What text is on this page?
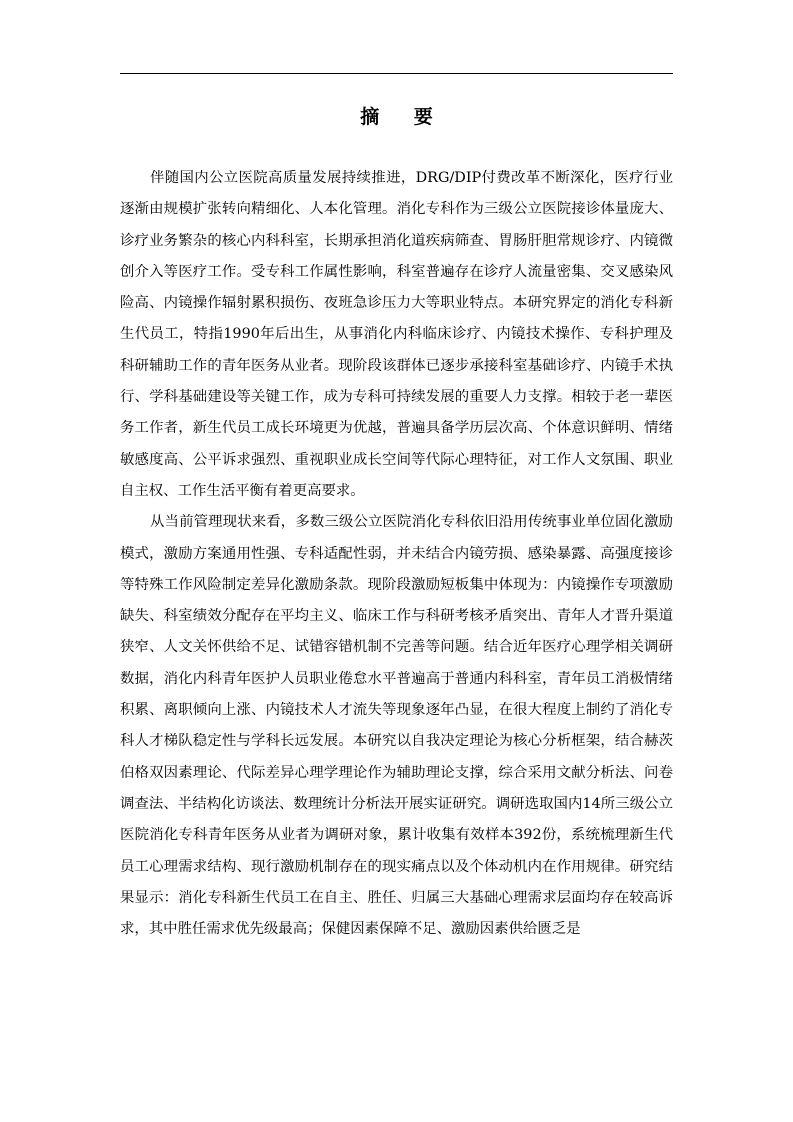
摘 要

伴随国内公立医院高质量发展持续推进，DRG/DIP付费改革不断深化，医疗行业逐渐由规模扩张转向精细化、人本化管理。消化专科作为三级公立医院接诊体量庞大、诊疗业务繁杂的核心内科科室，长期承担消化道疾病筛查、胃肠肝胆常规诊疗、内镜微创介入等医疗工作。受专科工作属性影响，科室普遍存在诊疗人流量密集、交叉感染风险高、内镜操作辐射累积损伤、夜班急诊压力大等职业特点。本研究界定的消化专科新生代员工，特指1990年后出生，从事消化内科临床诊疗、内镜技术操作、专科护理及科研辅助工作的青年医务从业者。现阶段该群体已逐步承接科室基础诊疗、内镜手术执行、学科基础建设等关键工作，成为专科可持续发展的重要人力支撑。相较于老一辈医务工作者，新生代员工成长环境更为优越，普遍具备学历层次高、个体意识鲜明、情绪敏感度高、公平诉求强烈、重视职业成长空间等代际心理特征，对工作人文氛围、职业自主权、工作生活平衡有着更高要求。

从当前管理现状来看，多数三级公立医院消化专科依旧沿用传统事业单位固化激励模式，激励方案通用性强、专科适配性弱，并未结合内镜劳损、感染暴露、高强度接诊等特殊工作风险制定差异化激励条款。现阶段激励短板集中体现为：内镜操作专项激励缺失、科室绩效分配存在平均主义、临床工作与科研考核矛盾突出、青年人才晋升渠道狭窄、人文关怀供给不足、试错容错机制不完善等问题。结合近年医疗心理学相关调研数据，消化内科青年医护人员职业倦怠水平普遍高于普通内科科室，青年员工消极情绪积累、离职倾向上涨、内镜技术人才流失等现象逐年凸显，在很大程度上制约了消化专科人才梯队稳定性与学科长远发展。本研究以自我决定理论为核心分析框架，结合赫茨伯格双因素理论、代际差异心理学理论作为辅助理论支撑，综合采用文献分析法、问卷调查法、半结构化访谈法、数理统计分析法开展实证研究。调研选取国内14所三级公立医院消化专科青年医务从业者为调研对象，累计收集有效样本392份，系统梳理新生代员工心理需求结构、现行激励机制存在的现实痛点以及个体动机内在作用规律。研究结果显示：消化专科新生代员工在自主、胜任、归属三大基础心理需求层面均存在较高诉求，其中胜任需求优先级最高；保健因素保障不足、激励因素供给匮乏是
